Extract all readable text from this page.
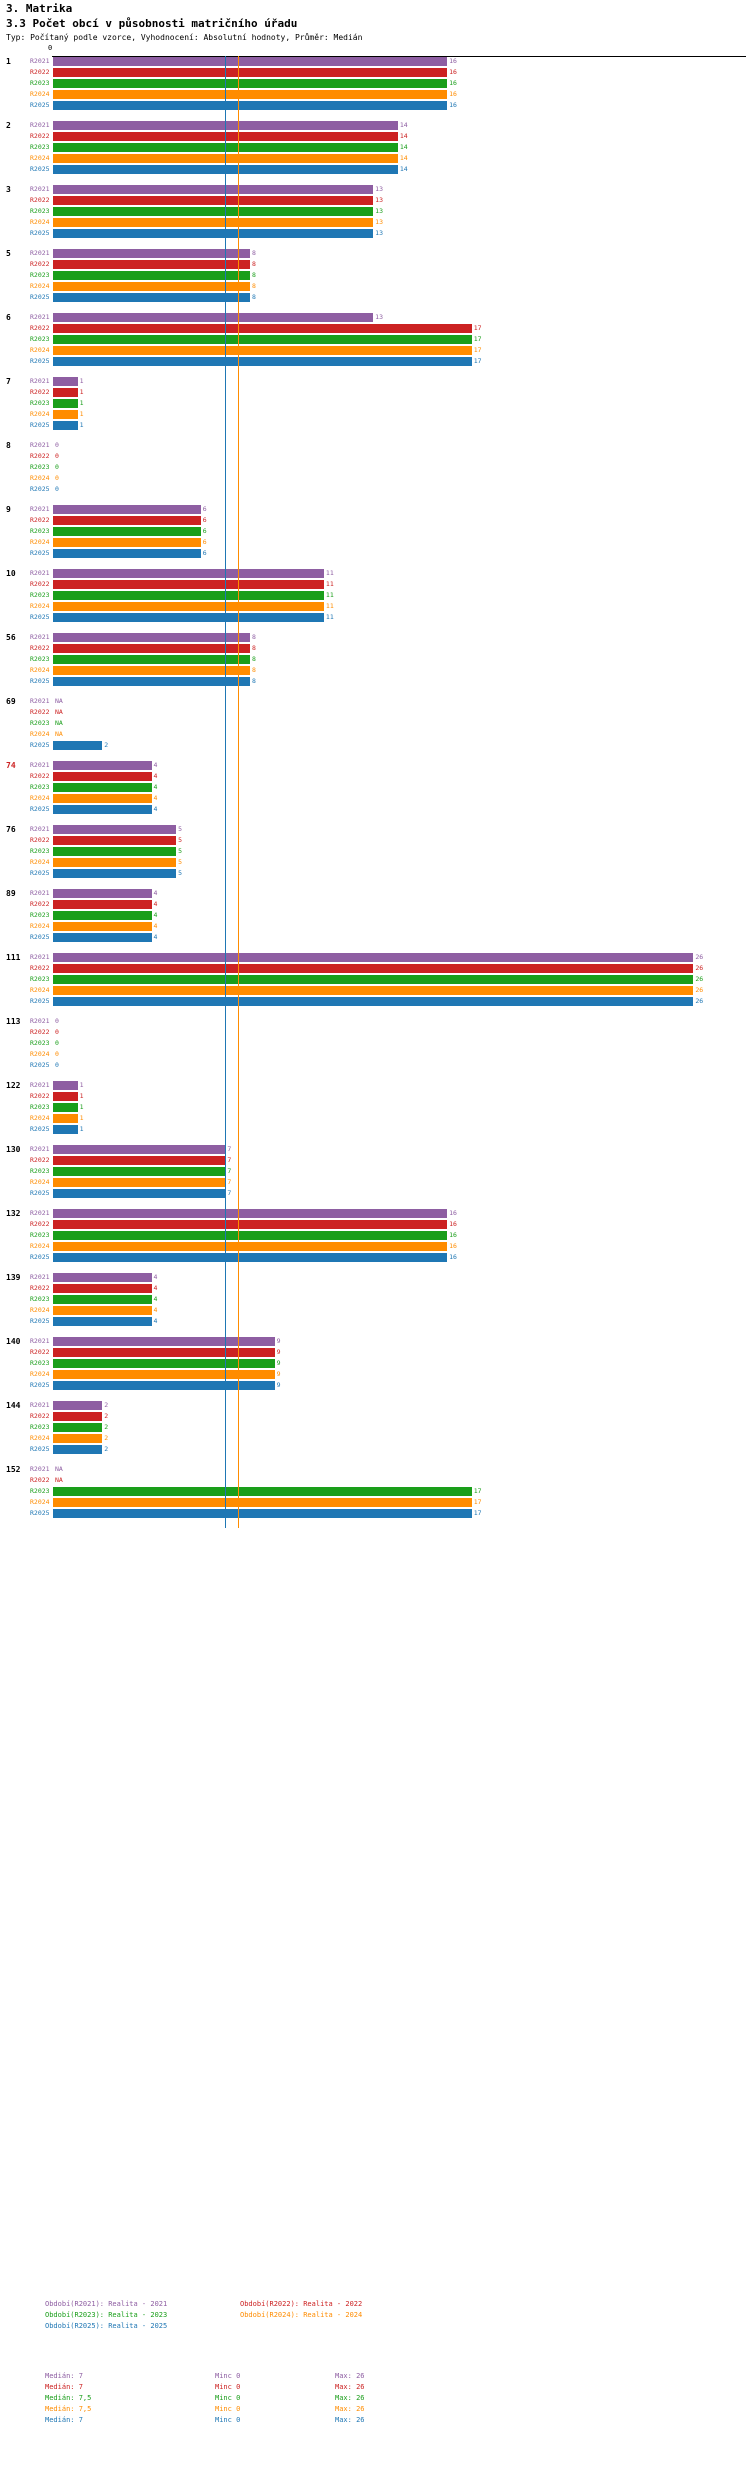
3. Matrika
3.3 Počet obcí v působnosti matričního úřadu
Typ: Počítaný podle vzorce, Vyhodnocení: Absolutní hodnoty, Průměr: Medián
0
1	R2021	16
R2022	16
R2023	16
R2024	16
R2025	16
2	R2021	14
R2022	14
R2023	14
R2024	14
R2025	14
3	R2021	13
R2022	13
R2023	13
R2024	13
R2025	13
5	R2021	8
R2022	8
R2023	8
R2024	8
R2025	8
6	R2021	13
R2022	17
R2023	17
R2024	17
R2025	17
7	R2021	1
R2022	1
R2023	1
R2024	1
R2025	1
8	R2021 0
R2022 0
R2023 0
R2024 0
R2025 0
9	R2021	6
R2022	6
R2023	6
R2024	6
R2025	6
10 R2021	11
R2022	11
R2023	11
R2024	11
R2025	11
56 R2021	8
R2022	8
R2023	8
R2024	8
R2025	8
69 R2021 NA
R2022 NA
R2023 NA
R2024 NA
R2025	2
74 R2021	4
R2022	4
R2023	4
R2024	4
R2025	4
76 R2021	5
R2022	5
R2023	5
R2024	5
R2025	5
89 R2021	4
R2022	4
R2023	4
R2024	4
R2025	4
111 R2021	26
R2022	26
R2023	26
R2024	26
R2025	26
113 R2021 0
R2022 0
R2023 0
R2024 0
R2025 0
122 R2021	1
R2022	1
R2023	1
R2024	1
R2025	1
130 R2021	7
R2022	7
R2023	7
R2024	7
R2025	7
132 R2021	16
R2022	16
R2023	16
R2024	16
R2025	16
139 R2021	4
R2022	4
R2023	4
R2024	4
R2025	4
140 R2021	9
R2022	9
R2023	9
R2024	9
R2025	9
144 R2021	2
R2022	2
R2023	2
R2024	2
R2025	2
152 R2021 NA
R2022 NA
R2023	17
R2024	17
R2025	17
Období(R2021): Realita - 2021	Období(R2022): Realita - 2022
Období(R2023): Realita - 2023	Období(R2024): Realita - 2024
Období(R2025): Realita - 2025
Medián: 7	Minc 0	Max: 26
Medián: 7	Minc 0	Max: 26
Medián: 7,5	Minc 0	Max: 26
Medián: 7,5	Minc 0	Max: 26
Medián: 7	Minc 0	Max: 26
